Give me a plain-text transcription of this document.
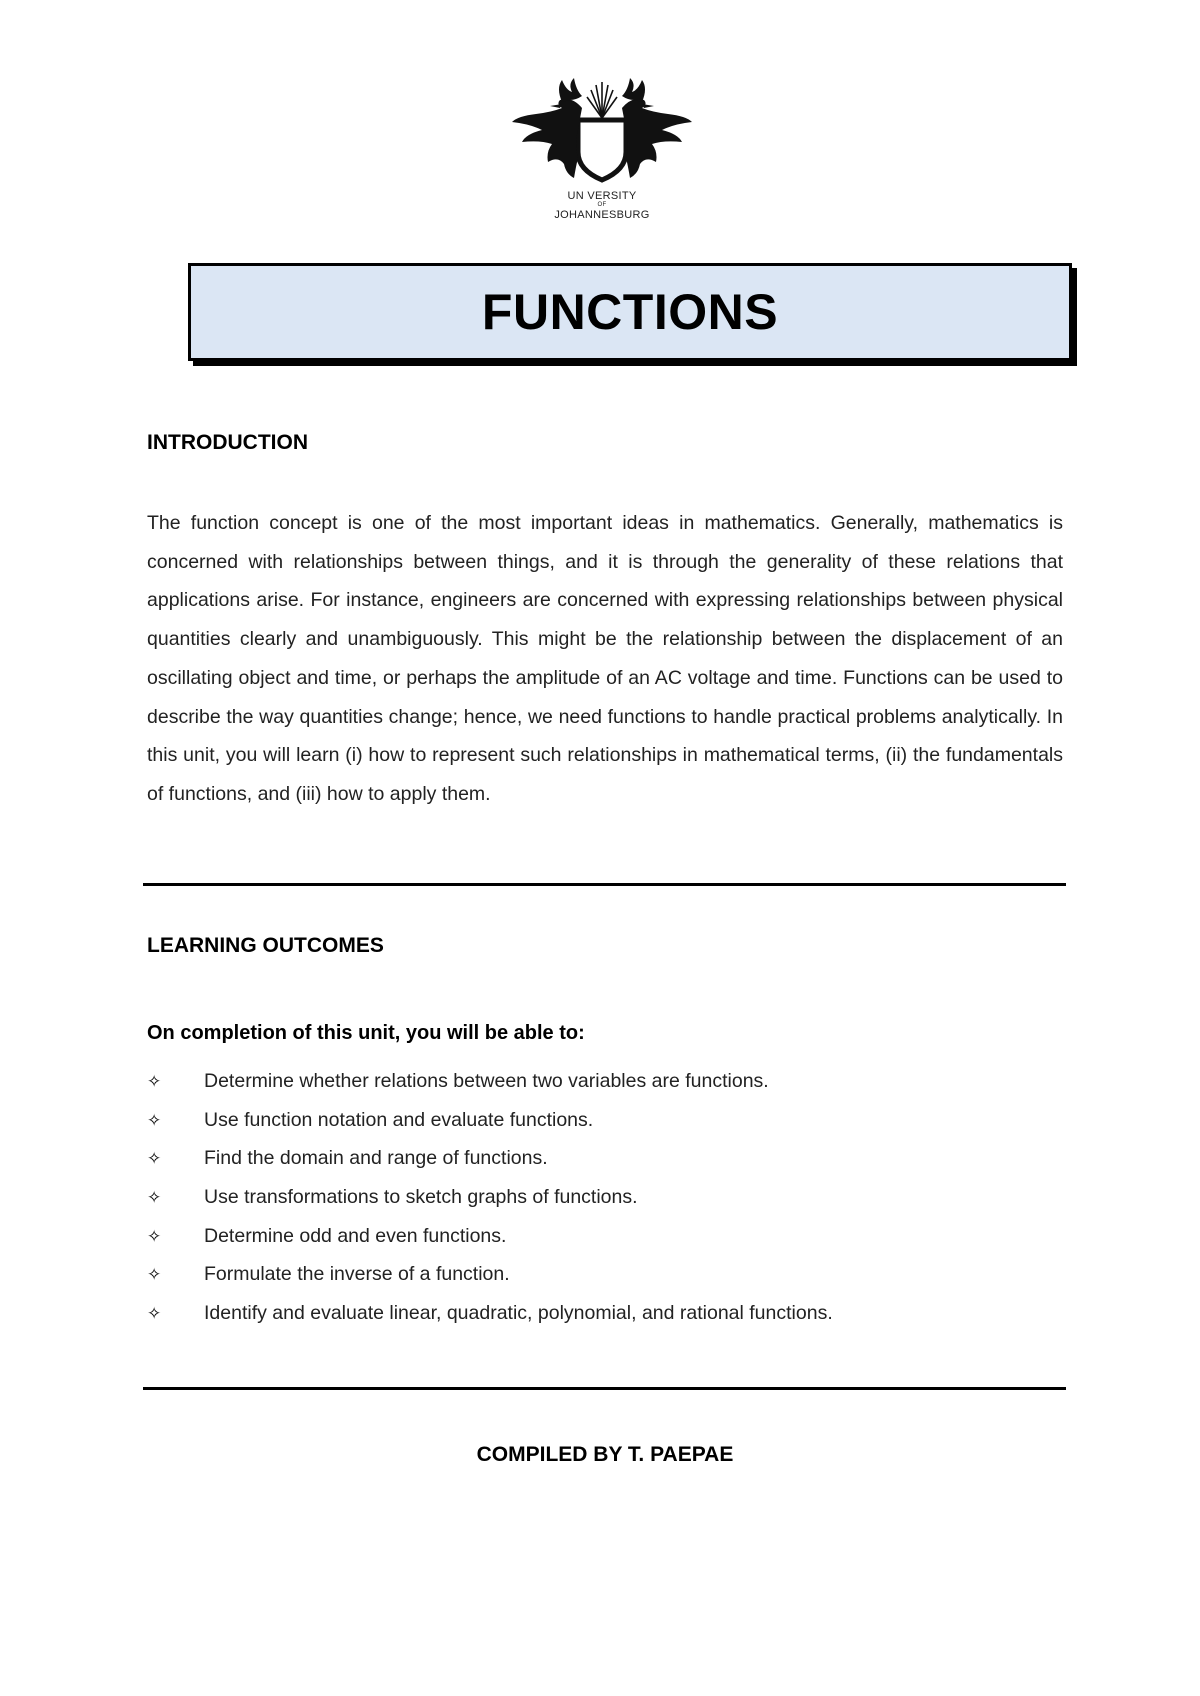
UN VERSITY
OF
JOHANNESBURG
FUNCTIONS
INTRODUCTION

The function concept is one of the most important ideas in mathematics. Generally, mathematics is concerned with relationships between things, and it is through the generality of these relations that applications arise. For instance, engineers are concerned with expressing relationships between physical quantities clearly and unambiguously. This might be the relationship between the displacement of an oscillating object and time, or perhaps the amplitude of an AC voltage and time. Functions can be used to describe the way quantities change; hence, we need functions to handle practical problems analytically. In this unit, you will learn (i) how to represent such relationships in mathematical terms, (ii) the fundamentals of functions, and (iii) how to apply them.

LEARNING OUTCOMES

On completion of this unit, you will be able to:

✧	Determine whether relations between two variables are functions.
✧	Use function notation and evaluate functions.
✧	Find the domain and range of functions.
✧	Use transformations to sketch graphs of functions.
✧	Determine odd and even functions.
✧	Formulate the inverse of a function.
✧	Identify and evaluate linear, quadratic, polynomial, and rational functions.

COMPILED BY T. PAEPAE
